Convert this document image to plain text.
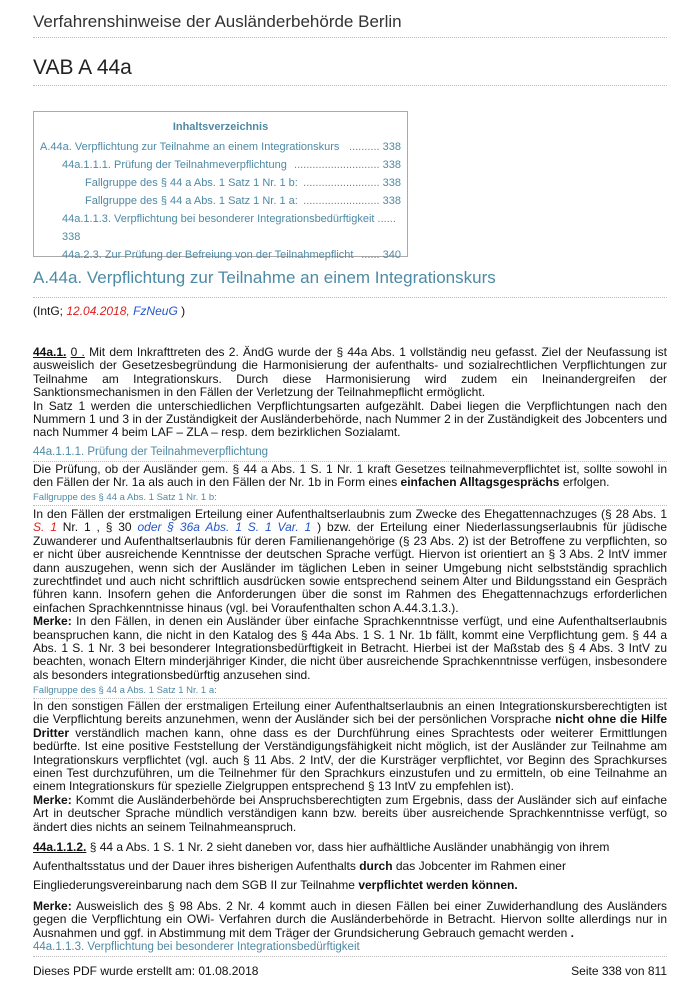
Verfahrenshinweise der Ausländerbehörde Berlin
VAB A 44a
Inhaltsverzeichnis
A.44a. Verpflichtung zur Teilnahme an einem Integrationskurs .......... 338
44a.1.1.1. Prüfung der Teilnahmeverpflichtung ............................ 338
Fallgruppe des § 44 a Abs. 1 Satz 1 Nr. 1 b: ......................... 338
Fallgruppe des § 44 a Abs. 1 Satz 1 Nr. 1 a: ......................... 338
44a.1.1.3. Verpflichtung bei besonderer Integrationsbedürftigkeit ......
338
44a.2.3. Zur Prüfung der Befreiung von der Teilnahmepflicht ...... 340
A.44a. Verpflichtung zur Teilnahme an einem Integrationskurs
(IntG; 12.04.2018, FzNeuG )
44a.1. 0 . Mit dem Inkrafttreten des 2. ÄndG wurde der § 44a Abs. 1 vollständig neu gefasst. Ziel der Neufassung ist ausweislich der Gesetzesbegründung die Harmonisierung der aufenthalts- und sozialrechtlichen Verpflichtungen zur Teilnahme am Integrationskurs. Durch diese Harmonisierung wird zudem ein Ineinandergreifen der Sanktionsmechanismen in den Fällen der Verletzung der Teilnahmepflicht ermöglicht.
In Satz 1 werden die unterschiedlichen Verpflichtungsarten aufgezählt. Dabei liegen die Verpflichtungen nach den Nummern 1 und 3 in der Zuständigkeit der Ausländerbehörde, nach Nummer 2 in der Zuständigkeit des Jobcenters und nach Nummer 4 beim LAF – ZLA – resp. dem bezirklichen Sozialamt.
44a.1.1.1. Prüfung der Teilnahmeverpflichtung
Die Prüfung, ob der Ausländer gem. § 44 a Abs. 1 S. 1 Nr. 1 kraft Gesetzes teilnahmeverpflichtet ist, sollte sowohl in den Fällen der Nr. 1a als auch in den Fällen der Nr. 1b in Form eines einfachen Alltagsgesprächs erfolgen.
Fallgruppe des § 44 a Abs. 1 Satz 1 Nr. 1 b:
In den Fällen der erstmaligen Erteilung einer Aufenthaltserlaubnis zum Zwecke des Ehegattennachzuges (§ 28 Abs. 1 S. 1 Nr. 1 , § 30 oder § 36a Abs. 1 S. 1 Var. 1 ) bzw. der Erteilung einer Niederlassungserlaubnis für jüdische Zuwanderer und Aufenthaltserlaubnis für deren Familienangehörige (§ 23 Abs. 2) ist der Betroffene zu verpflichten, so er nicht über ausreichende Kenntnisse der deutschen Sprache verfügt. Hiervon ist orientiert an § 3 Abs. 2 IntV immer dann auszugehen, wenn sich der Ausländer im täglichen Leben in seiner Umgebung nicht selbstständig sprachlich zurechtfindet und auch nicht schriftlich ausdrücken sowie entsprechend seinem Alter und Bildungsstand ein Gespräch führen kann. Insofern gehen die Anforderungen über die sonst im Rahmen des Ehegattennachzugs erforderlichen einfachen Sprachkenntnisse hinaus (vgl. bei Voraufenthalten schon A.44.3.1.3.).
Merke: In den Fällen, in denen ein Ausländer über einfache Sprachkenntnisse verfügt, und eine Aufenthaltserlaubnis beanspruchen kann, die nicht in den Katalog des § 44a Abs. 1 S. 1 Nr. 1b fällt, kommt eine Verpflichtung gem. § 44 a Abs. 1 S. 1 Nr. 3 bei besonderer Integrationsbedürftigkeit in Betracht. Hierbei ist der Maßstab des § 4 Abs. 3 IntV zu beachten, wonach Eltern minderjähriger Kinder, die nicht über ausreichende Sprachkenntnisse verfügen, insbesondere als besonders integrationsbedürftig anzusehen sind.
Fallgruppe des § 44 a Abs. 1 Satz 1 Nr. 1 a:
In den sonstigen Fällen der erstmaligen Erteilung einer Aufenthaltserlaubnis an einen Integrationskursberechtigten ist die Verpflichtung bereits anzunehmen, wenn der Ausländer sich bei der persönlichen Vorsprache nicht ohne die Hilfe Dritter verständlich machen kann, ohne dass es der Durchführung eines Sprachtests oder weiterer Ermittlungen bedürfte. Ist eine positive Feststellung der Verständigungsfähigkeit nicht möglich, ist der Ausländer zur Teilnahme am Integrationskurs verpflichtet (vgl. auch § 11 Abs. 2 IntV, der die Kursträger verpflichtet, vor Beginn des Sprachkurses einen Test durchzuführen, um die Teilnehmer für den Sprachkurs einzustufen und zu ermitteln, ob eine Teilnahme an einem Integrationskurs für spezielle Zielgruppen entsprechend § 13 IntV zu empfehlen ist).
Merke: Kommt die Ausländerbehörde bei Anspruchsberechtigten zum Ergebnis, dass der Ausländer sich auf einfache Art in deutscher Sprache mündlich verständigen kann bzw. bereits über ausreichende Sprachkenntnisse verfügt, so ändert dies nichts an seinem Teilnahmeanspruch.
44a.1.1.2. § 44 a Abs. 1 S. 1 Nr. 2 sieht daneben vor, dass hier aufhältliche Ausländer unabhängig von ihrem Aufenthaltsstatus und der Dauer ihres bisherigen Aufenthalts durch das Jobcenter im Rahmen einer Eingliederungsvereinbarung nach dem SGB II zur Teilnahme verpflichtet werden können.
Merke: Ausweislich des § 98 Abs. 2 Nr. 4 kommt auch in diesen Fällen bei einer Zuwiderhandlung des Ausländers gegen die Verpflichtung ein OWi- Verfahren durch die Ausländerbehörde in Betracht. Hiervon sollte allerdings nur in Ausnahmen und ggf. in Abstimmung mit dem Träger der Grundsicherung Gebrauch gemacht werden .
44a.1.1.3. Verpflichtung bei besonderer Integrationsbedürftigkeit
Dieses PDF wurde erstellt am: 01.08.2018	Seite 338 von 811
